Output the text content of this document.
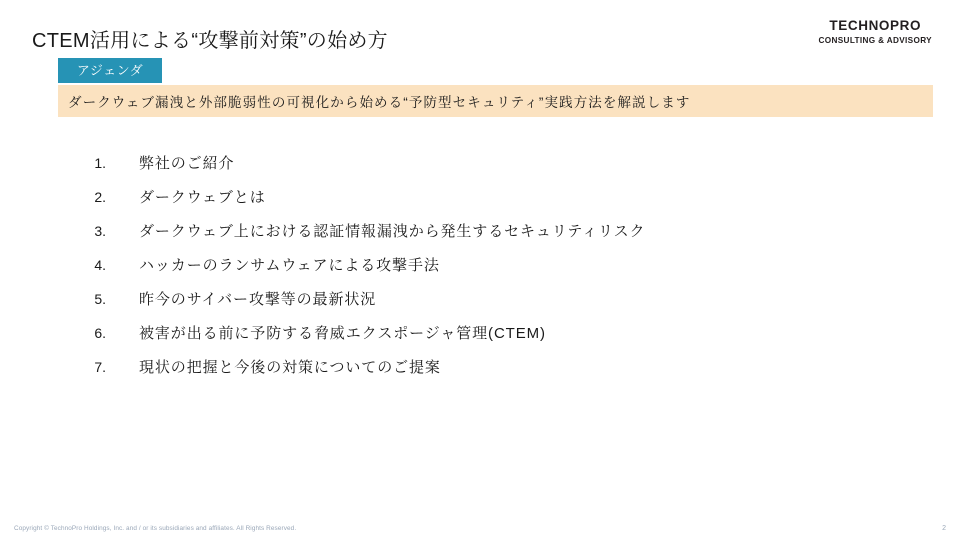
TECHNOPRO
CONSULTING & ADVISORY
CTEM活用による“攻撃前対策”の始め方
アジェンダ
ダークウェブ漏洩と外部脆弱性の可視化から始める“予防型セキュリティ”実践方法を解説します
1. 弊社のご紹介
2. ダークウェブとは
3. ダークウェブ上における認証情報漏洩から発生するセキュリティリスク
4. ハッカーのランサムウェアによる攻撃手法
5. 昨今のサイバー攻撃等の最新状況
6. 被害が出る前に予防する脅威エクスポージャ管理(CTEM)
7. 現状の把握と今後の対策についてのご提案
Copyright © TechnoPro Holdings, Inc. and / or its subsidiaries and affiliates. All Rights Reserved.	2
